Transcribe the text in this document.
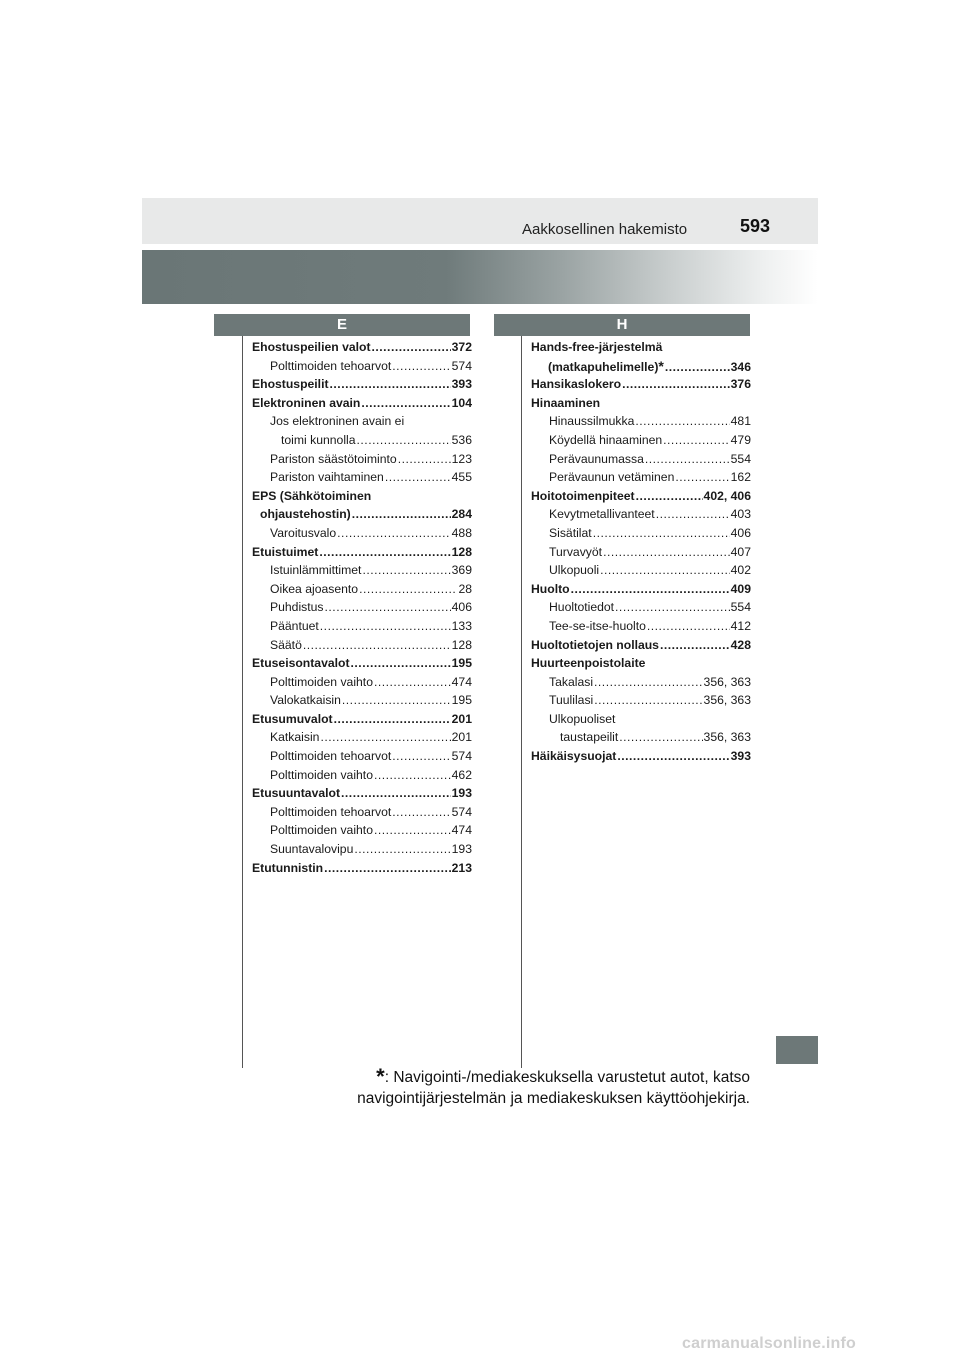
Aakkosellinen hakemisto	593
E	H
Ehostuspeilien valot .....	372
Polttimoiden tehoarvot .....	574
Ehostuspeilit .....	393
Elektroninen avain .....	104
Jos elektroninen avain ei
toimi kunnolla .....	536
Pariston säästötoiminto .....	123
Pariston vaihtaminen .....	455
EPS (Sähkötoiminen
ohjaustehostin) .....	284
Varoitusvalo .....	488
Etuistuimet .....	128
Istuinlämmittimet .....	369
Oikea ajoasento .....	28
Puhdistus .....	406
Pääntuet .....	133
Säätö .....	128
Etuseisontavalot .....	195
Polttimoiden vaihto .....	474
Valokatkaisin .....	195
Etusumuvalot .....	201
Katkaisin .....	201
Polttimoiden tehoarvot .....	574
Polttimoiden vaihto .....	462
Etusuuntavalot .....	193
Polttimoiden tehoarvot .....	574
Polttimoiden vaihto .....	474
Suuntavalovipu .....	193
Etutunnistin .....	213
Hands-free-järjestelmä
(matkapuhelimelle) * .....	346
Hansikaslokero .....	376
Hinaaminen
Hinaussilmukka .....	481
Köydellä hinaaminen .....	479
Perävaunumassa .....	554
Perävaunun vetäminen .....	162
Hoitotoimenpiteet .....	402, 406
Kevytmetallivanteet .....	403
Sisätilat .....	406
Turvavyöt .....	407
Ulkopuoli .....	402
Huolto .....	409
Huoltotiedot .....	554
Tee-se-itse-huolto .....	412
Huoltotietojen nollaus .....	428
Huurteenpoistolaite
Takalasi .....	356, 363
Tuulilasi .....	356, 363
Ulkopuoliset
taustapeilit .....	356, 363
Häikäisysuojat .....	393
*: Navigointi-/mediakeskuksella varustetut autot, katso
navigointijärjestelmän ja mediakeskuksen käyttöohjekirja.
carmanualsonline.info
